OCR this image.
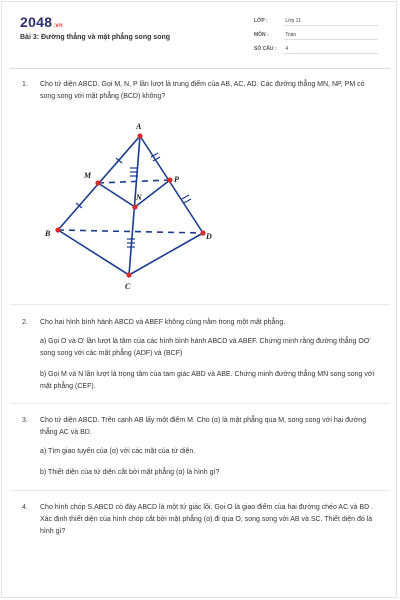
2048.vn
Bài 3: Đường thẳng và mặt phẳng song song
LỚP :	Lớp 11
MÔN :	Toán
SỐ CÂU : 4
1. Cho tứ diện ABCD. Gọi M, N, P lần lượt là trung điểm của AB, AC, AD. Các đường thẳng MN, NP, PM có song song với mặt phẳng (BCD) không?
A
B
C
D
M
N
P
2. Cho hai hình bình hành ABCD và ABEF không cùng nằm trong một mặt phẳng.
a) Gọi O và O' lần lượt là tâm của các hình bình hành ABCD và ABEF. Chứng minh rằng đường thẳng OO' song song với các mặt phẳng (ADF) và (BCF)
b) Gọi M và N lần lượt là trọng tâm của tam giác ABD và ABE. Chứng minh đường thẳng MN song song với mặt phẳng (CEF).
3. Cho tứ diện ABCD. Trên cạnh AB lấy một điểm M. Cho (α) là mặt phẳng qua M, song song với hai đường thẳng AC và BD.
a) Tìm giao tuyến của (α) với các mặt của tứ diện.
b) Thiết diện của tứ diện cắt bởi mặt phẳng (α) là hình gì?
4. Cho hình chóp S.ABCD có đáy ABCD là một tứ giác lồi. Gọi O là giao điểm của hai đường chéo AC và BD . Xác định thiết diện của hình chóp cắt bởi mặt phẳng (α) đi qua O, song song với AB và SC. Thiết diện đó là hình gì?
